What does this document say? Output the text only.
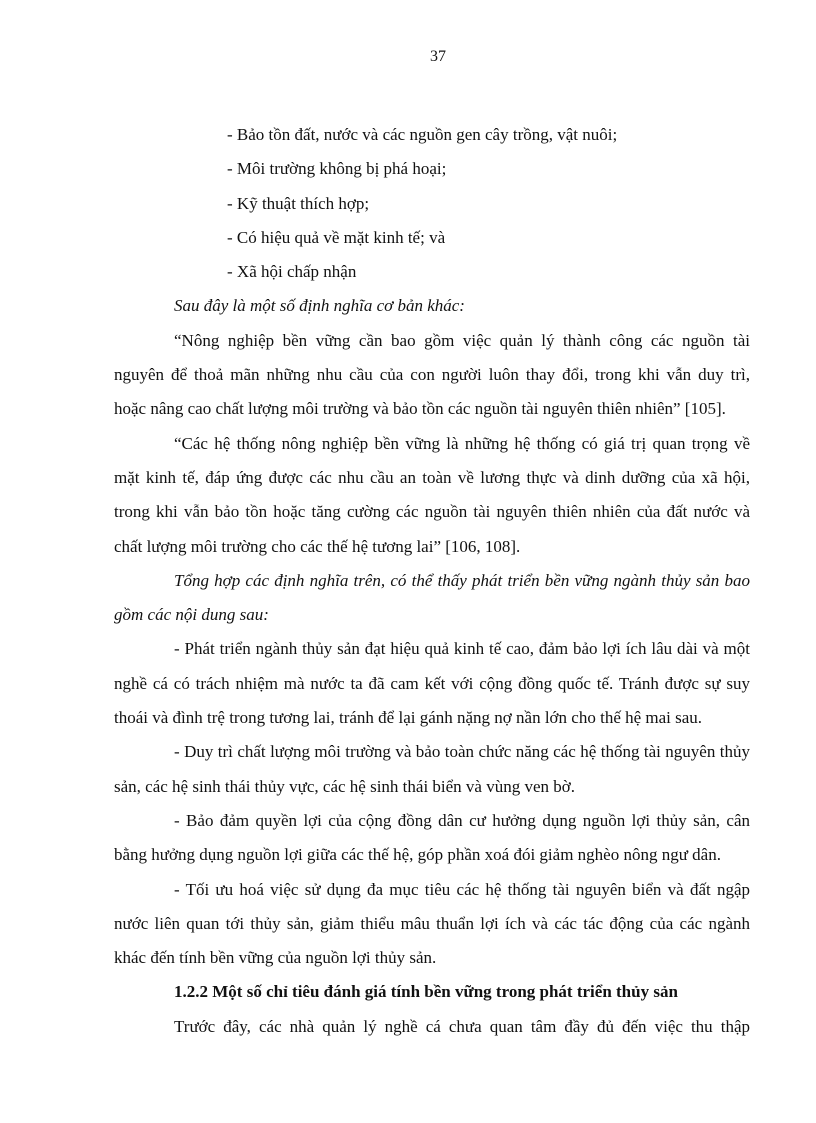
37
- Bảo tồn đất, nước và các nguồn gen cây trồng, vật nuôi;
- Môi trường không bị phá hoại;
- Kỹ thuật thích hợp;
- Có hiệu quả về mặt kinh tế; và
- Xã hội chấp nhận
Sau đây là một số định nghĩa cơ bản khác:
“Nông nghiệp bền vững cần bao gồm việc quản lý thành công các nguồn tài
nguyên để thoả mãn những nhu cầu của con người luôn thay đổi, trong khi vẫn duy trì,
hoặc nâng cao chất lượng môi trường và bảo tồn các nguồn tài nguyên thiên nhiên” [105].
“Các hệ thống nông nghiệp bền vững là những hệ thống có giá trị quan trọng về
mặt kinh tế, đáp ứng được các nhu cầu an toàn về lương thực và dinh dưỡng của xã hội,
trong khi vẫn bảo tồn hoặc tăng cường các nguồn tài nguyên thiên nhiên của đất nước và
chất lượng môi trường cho các thế hệ tương lai” [106, 108].
Tổng hợp các định nghĩa trên, có thể thấy phát triển bền vững ngành thủy sản bao
gồm các nội dung sau:
- Phát triển ngành thủy sản đạt hiệu quả kinh tế cao, đảm bảo lợi ích lâu dài và một
nghề cá có trách nhiệm mà nước ta đã cam kết với cộng đồng quốc tế. Tránh được sự suy
thoái và đình trệ trong tương lai, tránh để lại gánh nặng nợ nần lớn cho thế hệ mai sau.
- Duy trì chất lượng môi trường và bảo toàn chức năng các hệ thống tài nguyên thủy
sản, các hệ sinh thái thủy vực, các hệ sinh thái biển và vùng ven bờ.
- Bảo đảm quyền lợi của cộng đồng dân cư hưởng dụng nguồn lợi thủy sản, cân
bằng hưởng dụng nguồn lợi giữa các thế hệ, góp phần xoá đói giảm nghèo nông ngư dân.
- Tối ưu hoá việc sử dụng đa mục tiêu các hệ thống tài nguyên biển và đất ngập
nước liên quan tới thủy sản, giảm thiểu mâu thuẩn lợi ích và các tác động của các ngành
khác đến tính bền vững của nguồn lợi thủy sản.
1.2.2 Một số chỉ tiêu đánh giá tính bền vững trong phát triển thủy sản
Trước đây, các nhà quản lý nghề cá chưa quan tâm đầy đủ đến việc thu thập
